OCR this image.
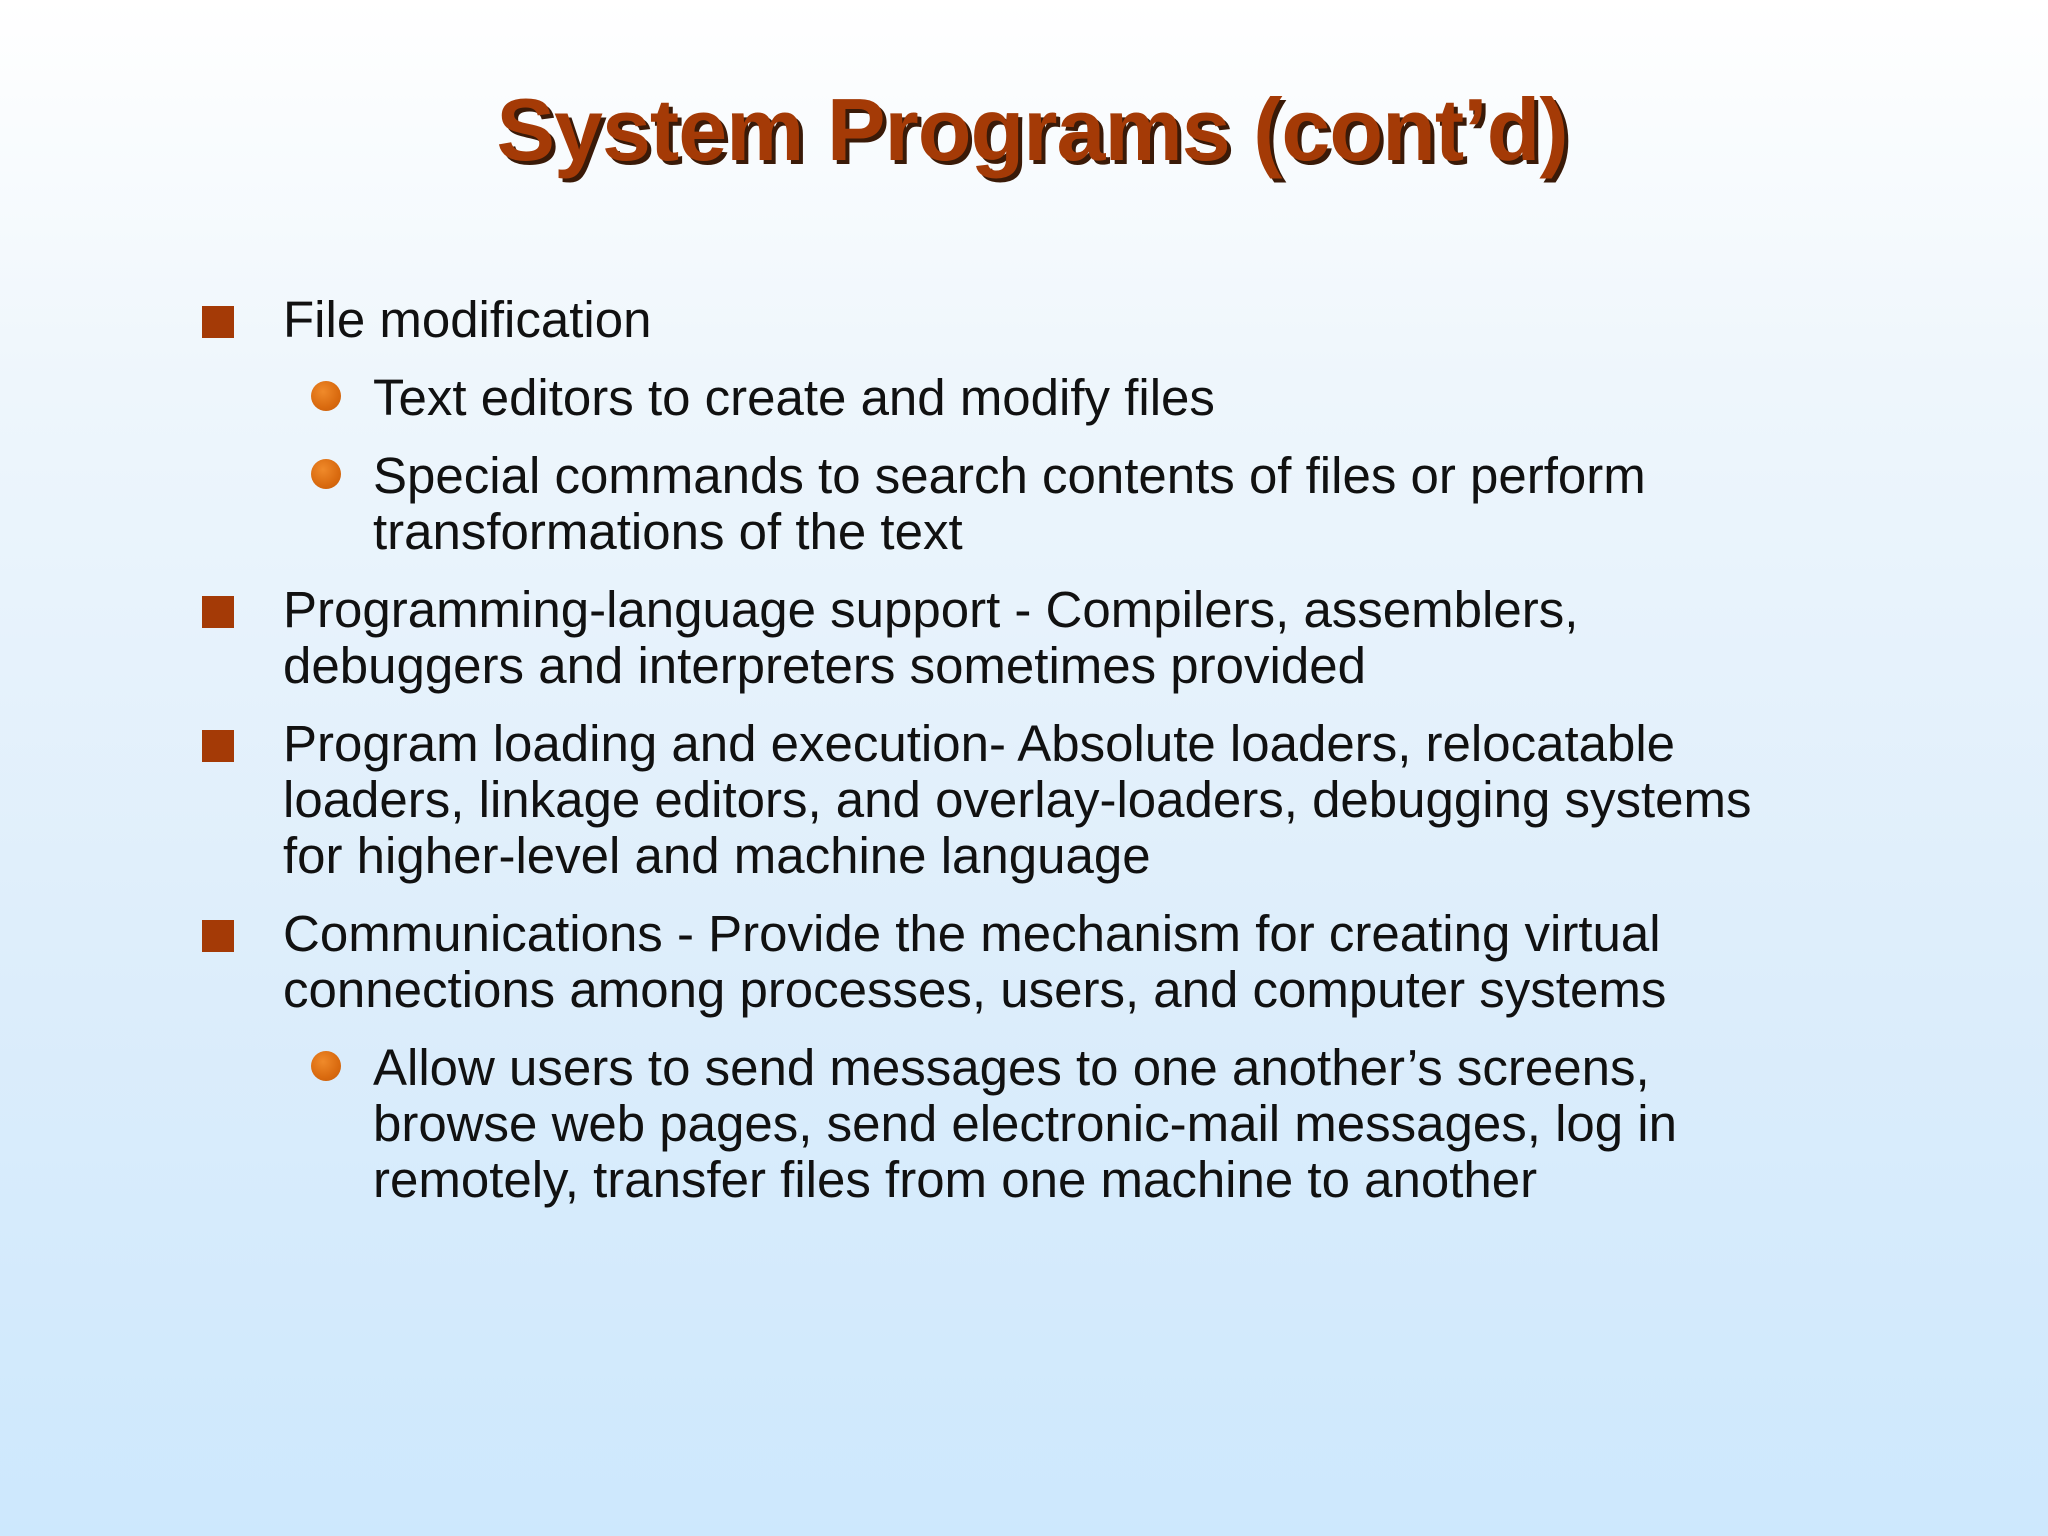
System Programs (cont’d)
File modification
Text editors to create and modify files
Special commands to search contents of files or perform transformations of the text
Programming-language support - Compilers, assemblers, debuggers and interpreters sometimes provided
Program loading and execution- Absolute loaders, relocatable loaders, linkage editors, and overlay-loaders, debugging systems for higher-level and machine language
Communications - Provide the mechanism for creating virtual connections among processes, users, and computer systems
Allow users to send messages to one another’s screens, browse web pages, send electronic-mail messages, log in remotely, transfer files from one machine to another
